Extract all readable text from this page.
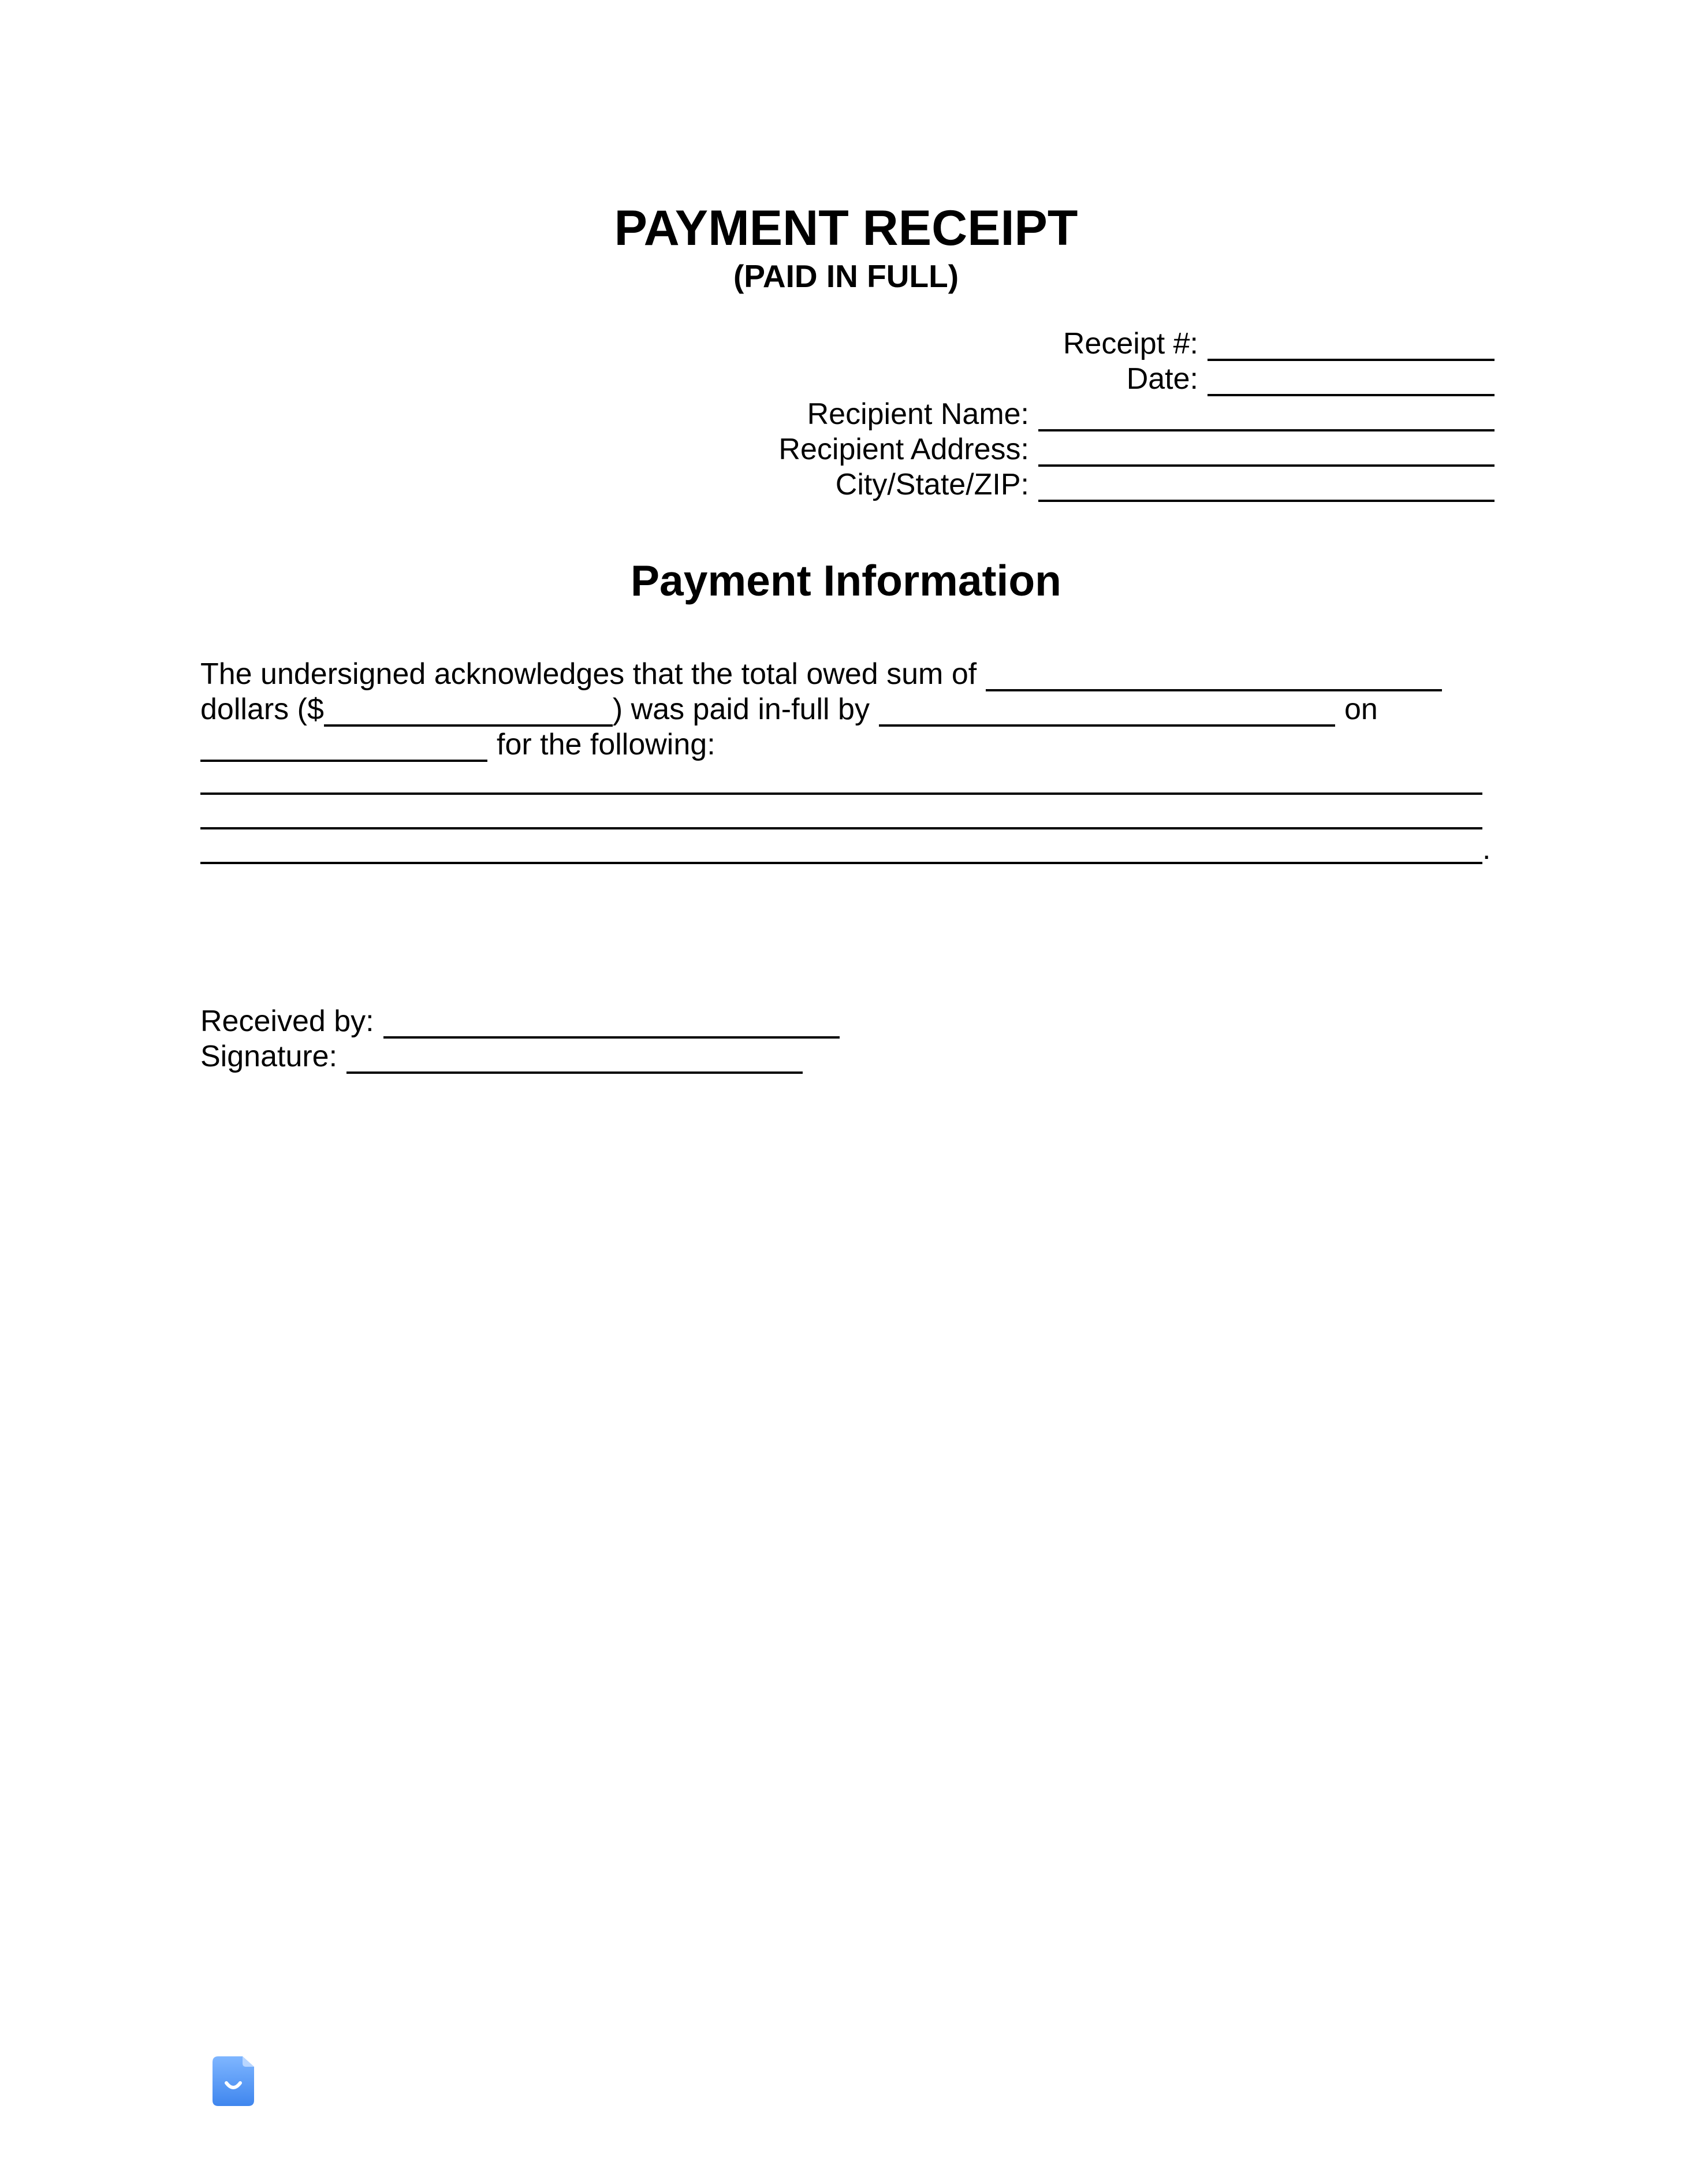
PAYMENT RECEIPT
(PAID IN FULL)
Receipt #:
Date:
Recipient Name:
Recipient Address:
City/State/ZIP:
Payment Information
The undersigned acknowledges that the total owed sum of
dollars ($	) was paid in-full by	on
for the following:
.
Received by:
Signature:
